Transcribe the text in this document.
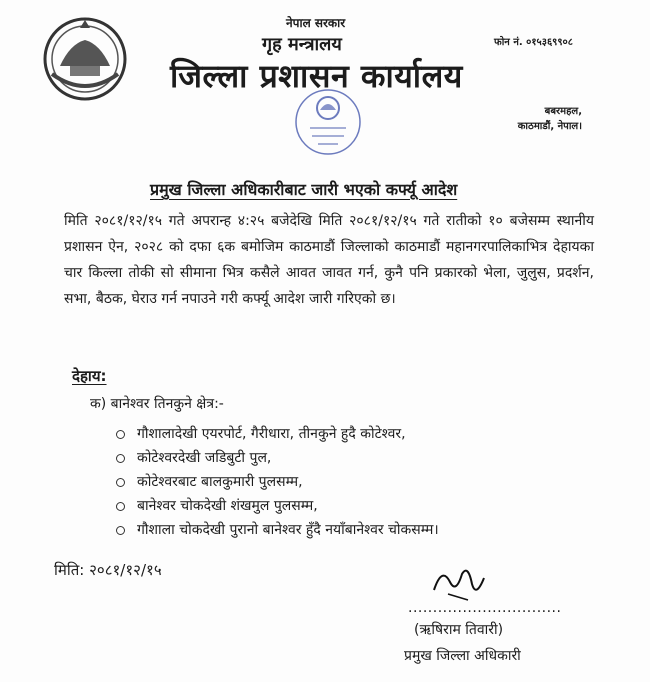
नेपाल सरकार
गृह मन्त्रालय
जिल्ला प्रशासन कार्यालय
फोन नं. ०१५३६९९०८
बबरमहल,
काठमाडौं, नेपाल।
प्रमुख जिल्ला अधिकारीबाट जारी भएको कर्फ्यू आदेश
मिति २०८१/१२/१५ गते अपरान्ह ४:२५ बजेदेखि मिति २०८१/१२/१५ गते रातीको १० बजेसम्म स्थानीय प्रशासन ऐन, २०२८ को दफा ६क बमोजिम काठमाडौं जिल्लाको काठमाडौं महानगरपालिकाभित्र देहायका चार किल्ला तोकी सो सीमाना भित्र कसैले आवत जावत गर्न, कुनै पनि प्रकारको भेला, जुलुस, प्रदर्शन, सभा, बैठक, घेराउ गर्न नपाउने गरी कर्फ्यू आदेश जारी गरिएको छ।
देहाय:
क) बानेश्वर तिनकुने क्षेत्र:-
गौशालादेखी एयरपोर्ट, गैरीधारा, तीनकुने हुदै कोटेश्वर,
कोटेश्वरदेखी जडिबुटी पुल,
कोटेश्वरबाट बालकुमारी पुलसम्म,
बानेश्वर चोकदेखी शंखमुल पुलसम्म,
गौशाला चोकदेखी पुरानो बानेश्वर हुँदै नयाँबानेश्वर चोकसम्म।
मिति: २०८१/१२/१५
...............................
(ऋषिराम तिवारी)
प्रमुख जिल्ला अधिकारी
